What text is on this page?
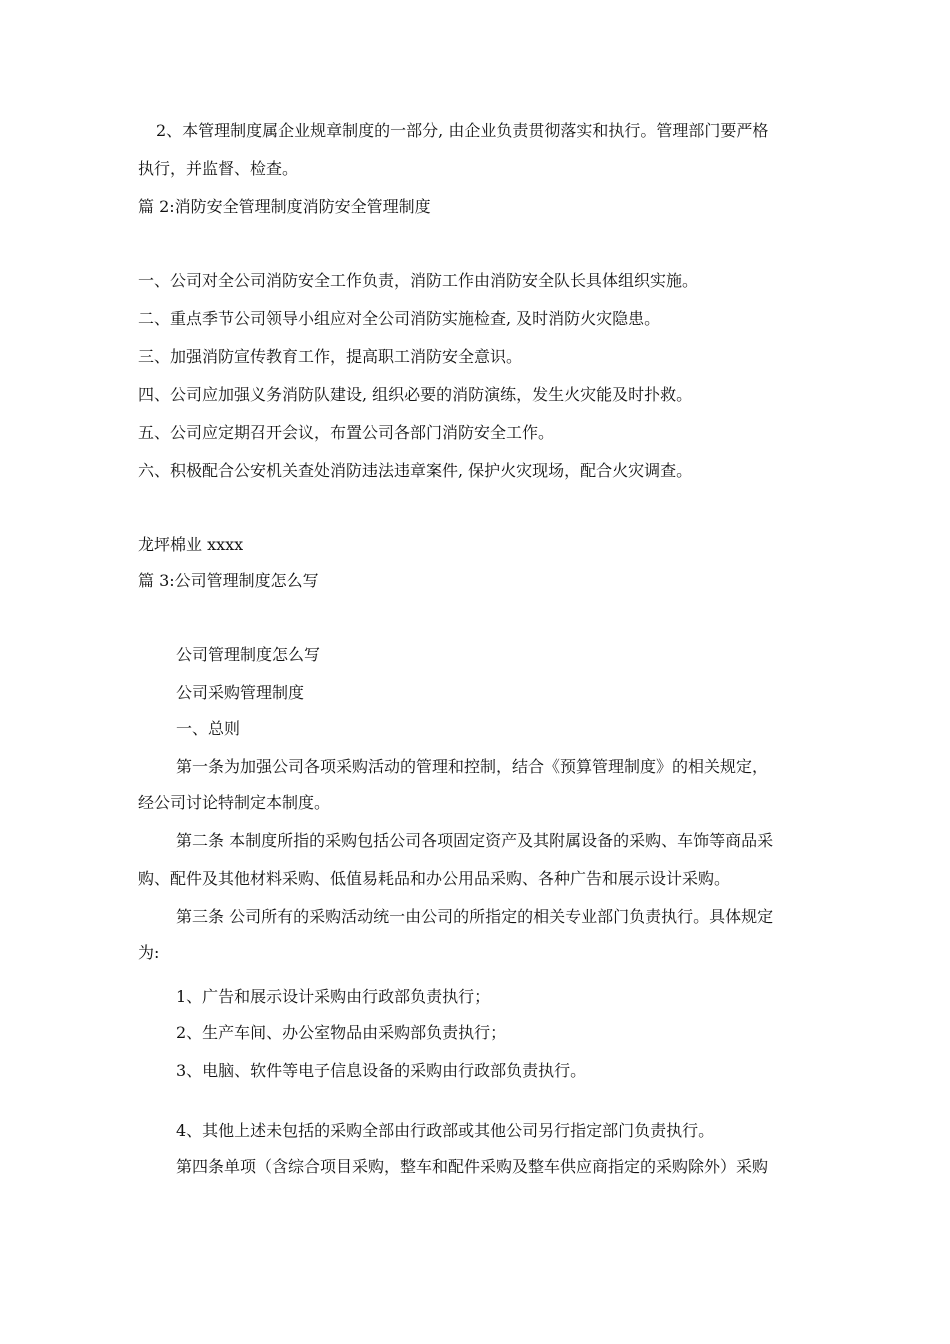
2、本管理制度属企业规章制度的一部分, 由企业负责贯彻落实和执行。管理部门要严格
执行，并监督、检查。
篇 2:消防安全管理制度消防安全管理制度
一、公司对全公司消防安全工作负责，消防工作由消防安全队长具体组织实施。
二、重点季节公司领导小组应对全公司消防实施检查, 及时消防火灾隐患。
三、加强消防宣传教育工作，提高职工消防安全意识。
四、公司应加强义务消防队建设, 组织必要的消防演练，发生火灾能及时扑救。
五、公司应定期召开会议，布置公司各部门消防安全工作。
六、积极配合公安机关查处消防违法违章案件, 保护火灾现场，配合火灾调查。
龙坪棉业 xxxx
篇 3:公司管理制度怎么写
公司管理制度怎么写
公司采购管理制度
一、总则
第一条为加强公司各项采购活动的管理和控制，结合《预算管理制度》的相关规定，
经公司讨论特制定本制度。
第二条 本制度所指的采购包括公司各项固定资产及其附属设备的采购、车饰等商品采
购、配件及其他材料采购、低值易耗品和办公用品采购、各种广告和展示设计采购。
第三条 公司所有的采购活动统一由公司的所指定的相关专业部门负责执行。具体规定
为:
1、广告和展示设计采购由行政部负责执行；
2、生产车间、办公室物品由采购部负责执行；
3、电脑、软件等电子信息设备的采购由行政部负责执行。
4、其他上述未包括的采购全部由行政部或其他公司另行指定部门负责执行。
第四条单项（含综合项目采购，整车和配件采购及整车供应商指定的采购除外）采购
